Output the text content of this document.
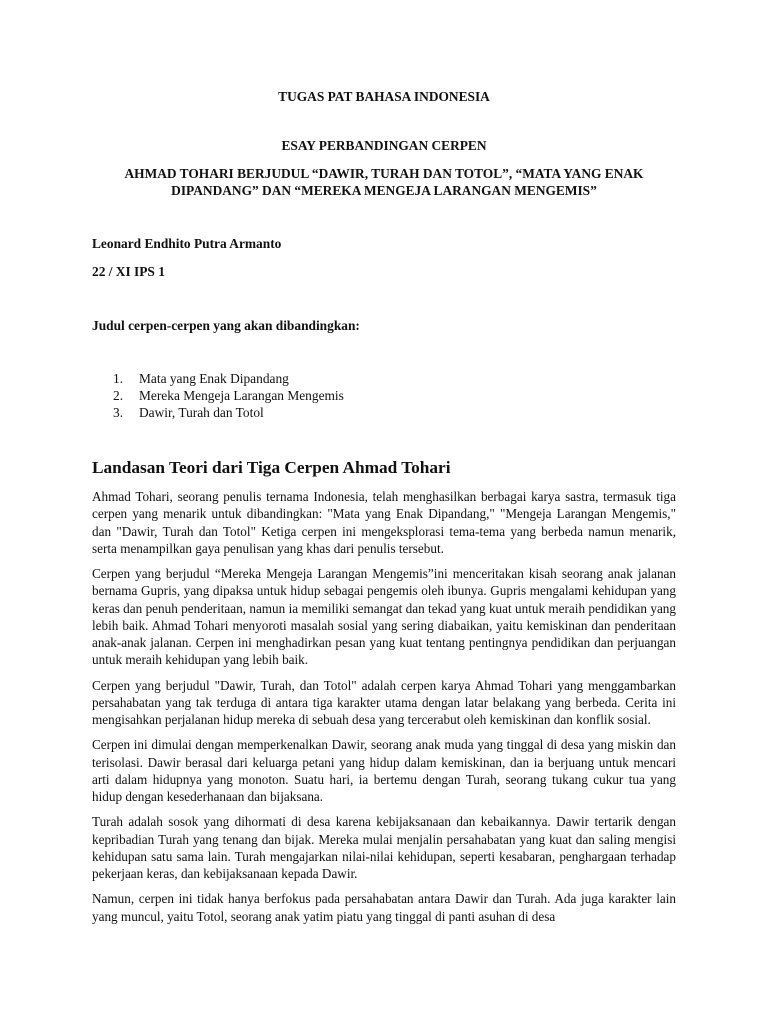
TUGAS PAT BAHASA INDONESIA
ESAY PERBANDINGAN CERPEN
AHMAD TOHARI BERJUDUL “DAWIR, TURAH DAN TOTOL”, “MATA YANG ENAK
DIPANDANG” DAN “MEREKA MENGEJA LARANGAN MENGEMIS”
Leonard Endhito Putra Armanto
22 / XI IPS 1
Judul cerpen-cerpen yang akan dibandingkan:
1. Mata yang Enak Dipandang
2. Mereka Mengeja Larangan Mengemis
3. Dawir, Turah dan Totol
Landasan Teori dari Tiga Cerpen Ahmad Tohari

Ahmad Tohari, seorang penulis ternama Indonesia, telah menghasilkan berbagai karya sastra, termasuk tiga cerpen yang menarik untuk dibandingkan: "Mata yang Enak Dipandang," "Mengeja Larangan Mengemis," dan "Dawir, Turah dan Totol" Ketiga cerpen ini mengeksplorasi tema-tema yang berbeda namun menarik, serta menampilkan gaya penulisan yang khas dari penulis tersebut.

Cerpen yang berjudul “Mereka Mengeja Larangan Mengemis”ini menceritakan kisah seorang anak jalanan bernama Gupris, yang dipaksa untuk hidup sebagai pengemis oleh ibunya. Gupris mengalami kehidupan yang keras dan penuh penderitaan, namun ia memiliki semangat dan tekad yang kuat untuk meraih pendidikan yang lebih baik. Ahmad Tohari menyoroti masalah sosial yang sering diabaikan, yaitu kemiskinan dan penderitaan anak-anak jalanan. Cerpen ini menghadirkan pesan yang kuat tentang pentingnya pendidikan dan perjuangan untuk meraih kehidupan yang lebih baik.

Cerpen yang berjudul "Dawir, Turah, dan Totol" adalah cerpen karya Ahmad Tohari yang menggambarkan persahabatan yang tak terduga di antara tiga karakter utama dengan latar belakang yang berbeda. Cerita ini mengisahkan perjalanan hidup mereka di sebuah desa yang tercerabut oleh kemiskinan dan konflik sosial.

Cerpen ini dimulai dengan memperkenalkan Dawir, seorang anak muda yang tinggal di desa yang miskin dan terisolasi. Dawir berasal dari keluarga petani yang hidup dalam kemiskinan, dan ia berjuang untuk mencari arti dalam hidupnya yang monoton. Suatu hari, ia bertemu dengan Turah, seorang tukang cukur tua yang hidup dengan kesederhanaan dan bijaksana.

Turah adalah sosok yang dihormati di desa karena kebijaksanaan dan kebaikannya. Dawir tertarik dengan kepribadian Turah yang tenang dan bijak. Mereka mulai menjalin persahabatan yang kuat dan saling mengisi kehidupan satu sama lain. Turah mengajarkan nilai-nilai kehidupan, seperti kesabaran, penghargaan terhadap pekerjaan keras, dan kebijaksanaan kepada Dawir.

Namun, cerpen ini tidak hanya berfokus pada persahabatan antara Dawir dan Turah. Ada juga karakter lain yang muncul, yaitu Totol, seorang anak yatim piatu yang tinggal di panti asuhan di desa
